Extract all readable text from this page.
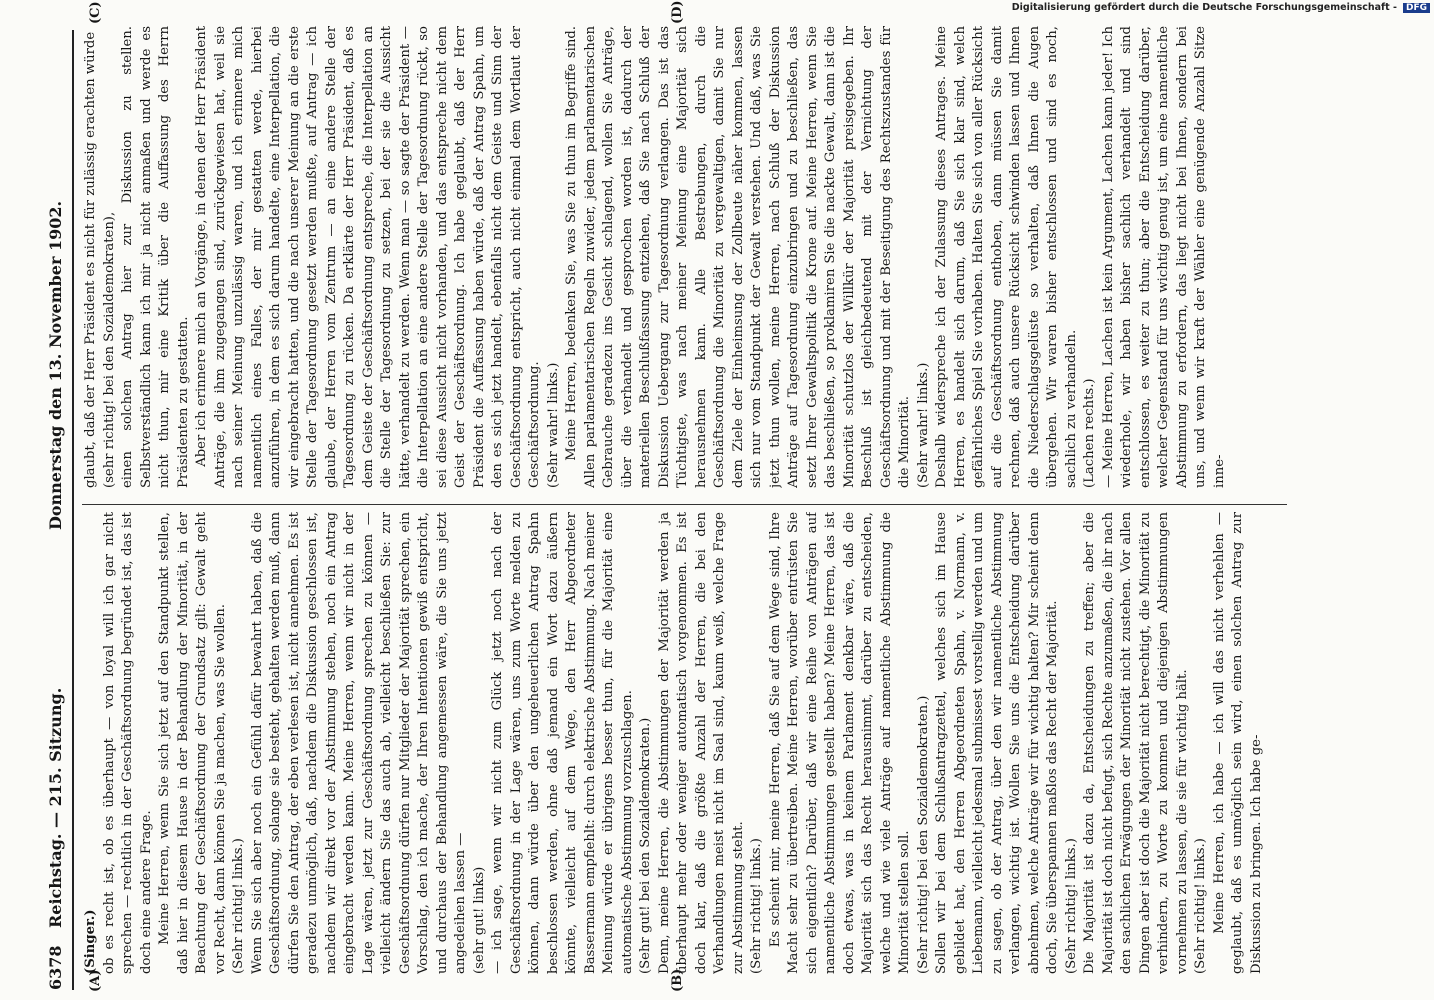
6378
Reichstag. — 215. Sitzung.
Donnerstag den 13. November 1902.
(A)	(B)
(C)	(D)
(Singer.) ob es recht ist, ob es überhaupt — von loyal will ich gar nicht sprechen — rechtlich in der Geschäftsordnung begründet ist, das ist doch eine andere Frage.
Meine Herren, wenn Sie sich jetzt auf den Standpunkt stellen, daß hier in diesem Hause in der Behandlung der Minorität, in der Beachtung der Geschäftsordnung der Grundsatz gilt: Gewalt geht vor Recht, dann können Sie ja machen, was Sie wollen.
(Sehr richtig! links.)
Wenn Sie sich aber noch ein Gefühl dafür bewahrt haben, daß die Geschäftsordnung, solange sie besteht, gehalten werden muß, dann dürfen Sie den Antrag, der eben verlesen ist, nicht annehmen. Es ist geradezu unmöglich, daß, nachdem die Diskussion geschlossen ist, nachdem wir direkt vor der Abstimmung stehen, noch ein Antrag eingebracht werden kann. Meine Herren, wenn wir nicht in der Lage wären, jetzt zur Geschäftsordnung sprechen zu können — vielleicht ändern Sie das auch ab, vielleicht beschließen Sie: zur Geschäftsordnung dürfen nur Mitglieder der Majorität sprechen, ein Vorschlag, den ich mache, der Ihren Intentionen gewiß entspricht, und durchaus der Behandlung angemessen wäre, die Sie uns jetzt angedeihen lassen —
(sehr gut! links)
— ich sage, wenn wir nicht zum Glück jetzt noch nach der Geschäftsordnung in der Lage wären, uns zum Worte melden zu können, dann würde über den ungeheuerlichen Antrag Spahn beschlossen werden, ohne daß jemand ein Wort dazu äußern könnte, vielleicht auf dem Wege, den Herr Abgeordneter Bassermann empfiehlt: durch elektrische Abstimmung. Nach meiner Meinung würde er übrigens besser thun, für die Majorität eine automatische Abstimmung vorzuschlagen.
(Sehr gut! bei den Sozialdemokraten.)
Denn, meine Herren, die Abstimmungen der Majorität werden ja überhaupt mehr oder weniger automatisch vorgenommen. Es ist doch klar, daß die größte Anzahl der Herren, die bei den Verhandlungen meist nicht im Saal sind, kaum weiß, welche Frage zur Abstimmung steht.
(Sehr richtig! links.)
Es scheint mir, meine Herren, daß Sie auf dem Wege sind, Ihre Macht sehr zu übertreiben. Meine Herren, worüber entrüsten Sie sich eigentlich? Darüber, daß wir eine Reihe von Anträgen auf namentliche Abstimmungen gestellt haben? Meine Herren, das ist doch etwas, was in keinem Parlament denkbar wäre, daß die Majorität sich das Recht herausnimmt, darüber zu entscheiden, welche und wie viele Anträge auf namentliche Abstimmung die Minorität stellen soll.
(Sehr richtig! bei den Sozialdemokraten.)
Sollen wir bei dem Schlußantragzettel, welches sich im Hause gebildet hat, den Herren Abgeordneten Spahn, v. Normann, v. Liebemann, vielleicht jedesmal submissest vorstellig werden und um zu sagen, ob der Antrag, über den wir namentliche Abstimmung verlangen, wichtig ist. Wollen Sie uns die Entscheidung darüber abnehmen, welche Anträge wir für wichtig halten? Mir scheint denn doch, Sie überspannen maßlos das Recht der Majorität.
(Sehr richtig! links.)
Die Majorität ist dazu da, Entscheidungen zu treffen; aber die Majorität ist doch nicht befugt, sich Rechte anzumaßen, die ihr nach den sachlichen Erwägungen der Minorität nicht zustehen. Vor allen Dingen aber ist doch die Majorität nicht berechtigt, die Minorität zu verhindern, zu Worte zu kommen und diejenigen Abstimmungen vornehmen zu lassen, die sie für wichtig hält.
(Sehr richtig! links.)
Meine Herren, ich habe — ich will das nicht verhehlen — geglaubt, daß es unmöglich sein wird, einen solchen Antrag zur Diskussion zu bringen. Ich habe ge-
glaubt, daß der Herr Präsident es nicht für zulässig erachten würde
(sehr richtig! bei den Sozialdemokraten),
einen solchen Antrag hier zur Diskussion zu stellen. Selbstverständlich kann ich mir ja nicht anmaßen und werde es nicht thun, mir eine Kritik über die Auffassung des Herrn Präsidenten zu gestatten.
Aber ich erinnere mich an Vorgänge, in denen der Herr Präsident Anträge, die ihm zugegangen sind, zurückgewiesen hat, weil sie nach seiner Meinung unzulässig waren, und ich erinnere mich namentlich eines Falles, der mir gestatten werde, hierbei anzuführen, in dem es sich darum handelte, eine Interpellation, die wir eingebracht hatten, und die nach unserer Meinung an die erste Stelle der Tagesordnung gesetzt werden mußte, auf Antrag — ich glaube, der Herren vom Zentrum — an eine andere Stelle der Tagesordnung zu rücken. Da erklärte der Herr Präsident, daß es dem Geiste der Geschäftsordnung entspreche, die Interpellation an die Stelle der Tagesordnung zu setzen, bei der sie die Aussicht hätte, verhandelt zu werden. Wenn man — so sagte der Präsident — die Interpellation an eine andere Stelle der Tagesordnung rückt, so sei diese Aussicht nicht vorhanden, und das entspreche nicht dem Geist der Geschäftsordnung. Ich habe geglaubt, daß der Herr Präsident die Auffassung haben würde, daß der Antrag Spahn, um den es sich jetzt handelt, ebenfalls nicht dem Geiste und Sinn der Geschäftsordnung entspricht, auch nicht einmal dem Wortlaut der Geschäftsordnung.
(Sehr wahr! links.)
Meine Herren, bedenken Sie, was Sie zu thun im Begriffe sind. Allen parlamentarischen Regeln zuwider, jedem parlamentarischen Gebrauche geradezu ins Gesicht schlagend, wollen Sie Anträge, über die verhandelt und gesprochen worden ist, dadurch der materiellen Beschlußfassung entziehen, daß Sie nach Schluß der Diskussion Uebergang zur Tagesordnung verlangen. Das ist das Tüchtigste, was nach meiner Meinung eine Majorität sich herausnehmen kann. Alle Bestrebungen, durch die Geschäftsordnung die Minorität zu vergewaltigen, damit Sie nur dem Ziele der Einheimsung der Zollbeute näher kommen, lassen sich nur vom Standpunkt der Gewalt verstehen. Und daß, was Sie jetzt thun wollen, meine Herren, nach Schluß der Diskussion Anträge auf Tagesordnung einzubringen und zu beschließen, das setzt Ihrer Gewaltspolitik die Krone auf. Meine Herren, wenn Sie das beschließen, so proklamiren Sie die nackte Gewalt, dann ist die Minorität schutzlos der Willkür der Majorität preisgegeben. Ihr Beschluß ist gleichbedeutend mit der Vernichtung der Geschäftsordnung und mit der Beseitigung des Rechtszustandes für die Minorität.
(Sehr wahr! links.)
Deshalb widerspreche ich der Zulassung dieses Antrages. Meine Herren, es handelt sich darum, daß Sie sich klar sind, welch gefährliches Spiel Sie vorhaben. Halten Sie sich von aller Rücksicht auf die Geschäftsordnung enthoben, dann müssen Sie damit rechnen, daß auch unsere Rücksicht schwinden lassen und Ihnen die Niederschlagsgelüste so verhalten, daß Ihnen die Augen übergehen. Wir waren bisher entschlossen und sind es noch, sachlich zu verhandeln.
(Lachen rechts.)
— Meine Herren, Lachen ist kein Argument, Lachen kann jeder! Ich wiederhole, wir haben bisher sachlich verhandelt und sind entschlossen, es weiter zu thun; aber die Entscheidung darüber, welcher Gegenstand für uns wichtig genug ist, um eine namentliche Abstimmung zu erfordern, das liegt nicht bei Ihnen, sondern bei uns, und wenn wir kraft der Wähler eine genügende Anzahl Sitze inne-
Digitalisierung gefördert durch die Deutsche Forschungsgemeinschaft - DFG
